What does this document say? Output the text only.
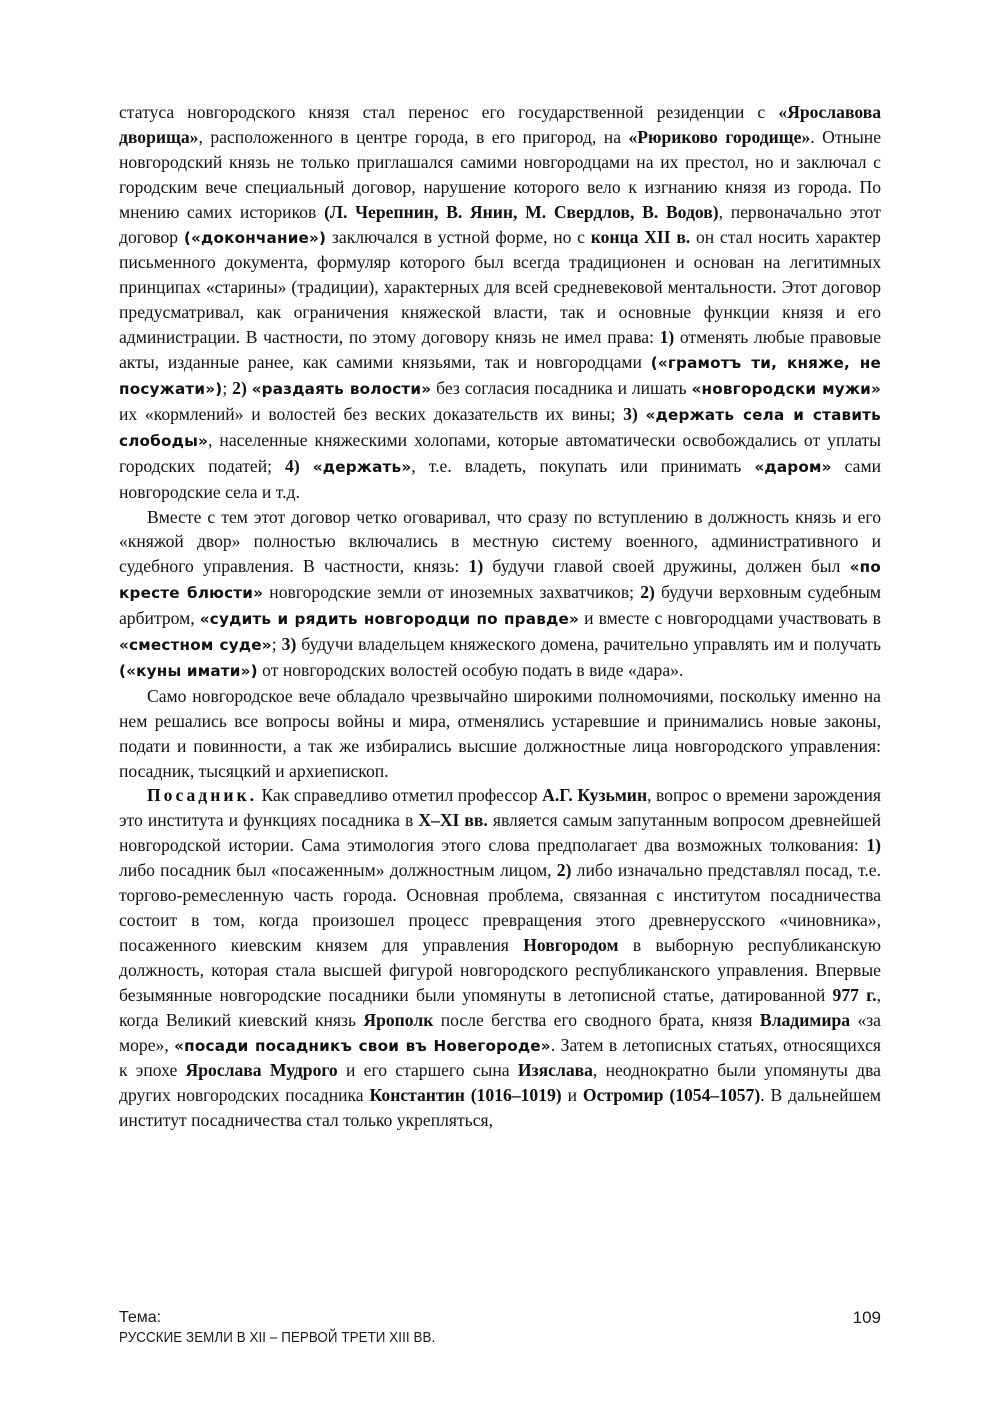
статуса новгородского князя стал перенос его государственной резиденции с «Ярославова дворища», расположенного в центре города, в его пригород, на «Рюриково городище». Отныне новгородский князь не только приглашался самими новгородцами на их престол, но и заключал с городским вече специальный договор, нарушение которого вело к изгнанию князя из города. По мнению самих историков (Л. Черепнин, В. Янин, М. Свердлов, В. Водов), первоначально этот договор («докончание») заключался в устной форме, но с конца XII в. он стал носить характер письменного документа, формуляр которого был всегда традиционен и основан на легитимных принципах «старины» (традиции), характерных для всей средневековой ментальности. Этот договор предусматривал, как ограничения княжеской власти, так и основные функции князя и его администрации. В частности, по этому договору князь не имел права: 1) отменять любые правовые акты, изданные ранее, как самими князьями, так и новгородцами («грамотъ ти, княже, не посужати»); 2) «раздаять волости» без согласия посадника и лишать «новгородски мужи» их «кормлений» и волостей без веских доказательств их вины; 3) «держать села и ставить слободы», населенные княжескими холопами, которые автоматически освобождались от уплаты городских податей; 4) «держать», т.е. владеть, покупать или принимать «даром» сами новгородские села и т.д.

Вместе с тем этот договор четко оговаривал, что сразу по вступлению в должность князь и его «княжой двор» полностью включались в местную систему военного, административного и судебного управления. В частности, князь: 1) будучи главой своей дружины, должен был «по кресте блюсти» новгородские земли от иноземных захватчиков; 2) будучи верховным судебным арбитром, «судить и рядить новгородци по правде» и вместе с новгородцами участвовать в «сместном суде»; 3) будучи владельцем княжеского домена, рачительно управлять им и получать («куны имати») от новгородских волостей особую подать в виде «дара».

Само новгородское вече обладало чрезвычайно широкими полномочиями, поскольку именно на нем решались все вопросы войны и мира, отменялись устаревшие и принимались новые законы, подати и повинности, а так же избирались высшие должностные лица новгородского управления: посадник, тысяцкий и архиепископ.

Посадник. Как справедливо отметил профессор А.Г. Кузьмин, вопрос о времени зарождения это института и функциях посадника в X–XI вв. является самым запутанным вопросом древнейшей новгородской истории. Сама этимология этого слова предполагает два возможных толкования: 1) либо посадник был «посаженным» должностным лицом, 2) либо изначально представлял посад, т.е. торгово-ремесленную часть города. Основная проблема, связанная с институтом посадничества состоит в том, когда произошел процесс превращения этого древнерусского «чиновника», посаженного киевским князем для управления Новгородом в выборную республиканскую должность, которая стала высшей фигурой новгородского республиканского управления. Впервые безымянные новгородские посадники были упомянуты в летописной статье, датированной 977 г., когда Великий киевский князь Ярополк после бегства его сводного брата, князя Владимира «за море», «посади посадникъ свои въ Новегороде». Затем в летописных статьях, относящихся к эпохе Ярослава Мудрого и его старшего сына Изяслава, неоднократно были упомянуты два других новгородских посадника Константин (1016–1019) и Остромир (1054–1057). В дальнейшем институт посадничества стал только укрепляться,

Тема:
РУССКИЕ ЗЕМЛИ В XII – ПЕРВОЙ ТРЕТИ XIII ВВ.
109
